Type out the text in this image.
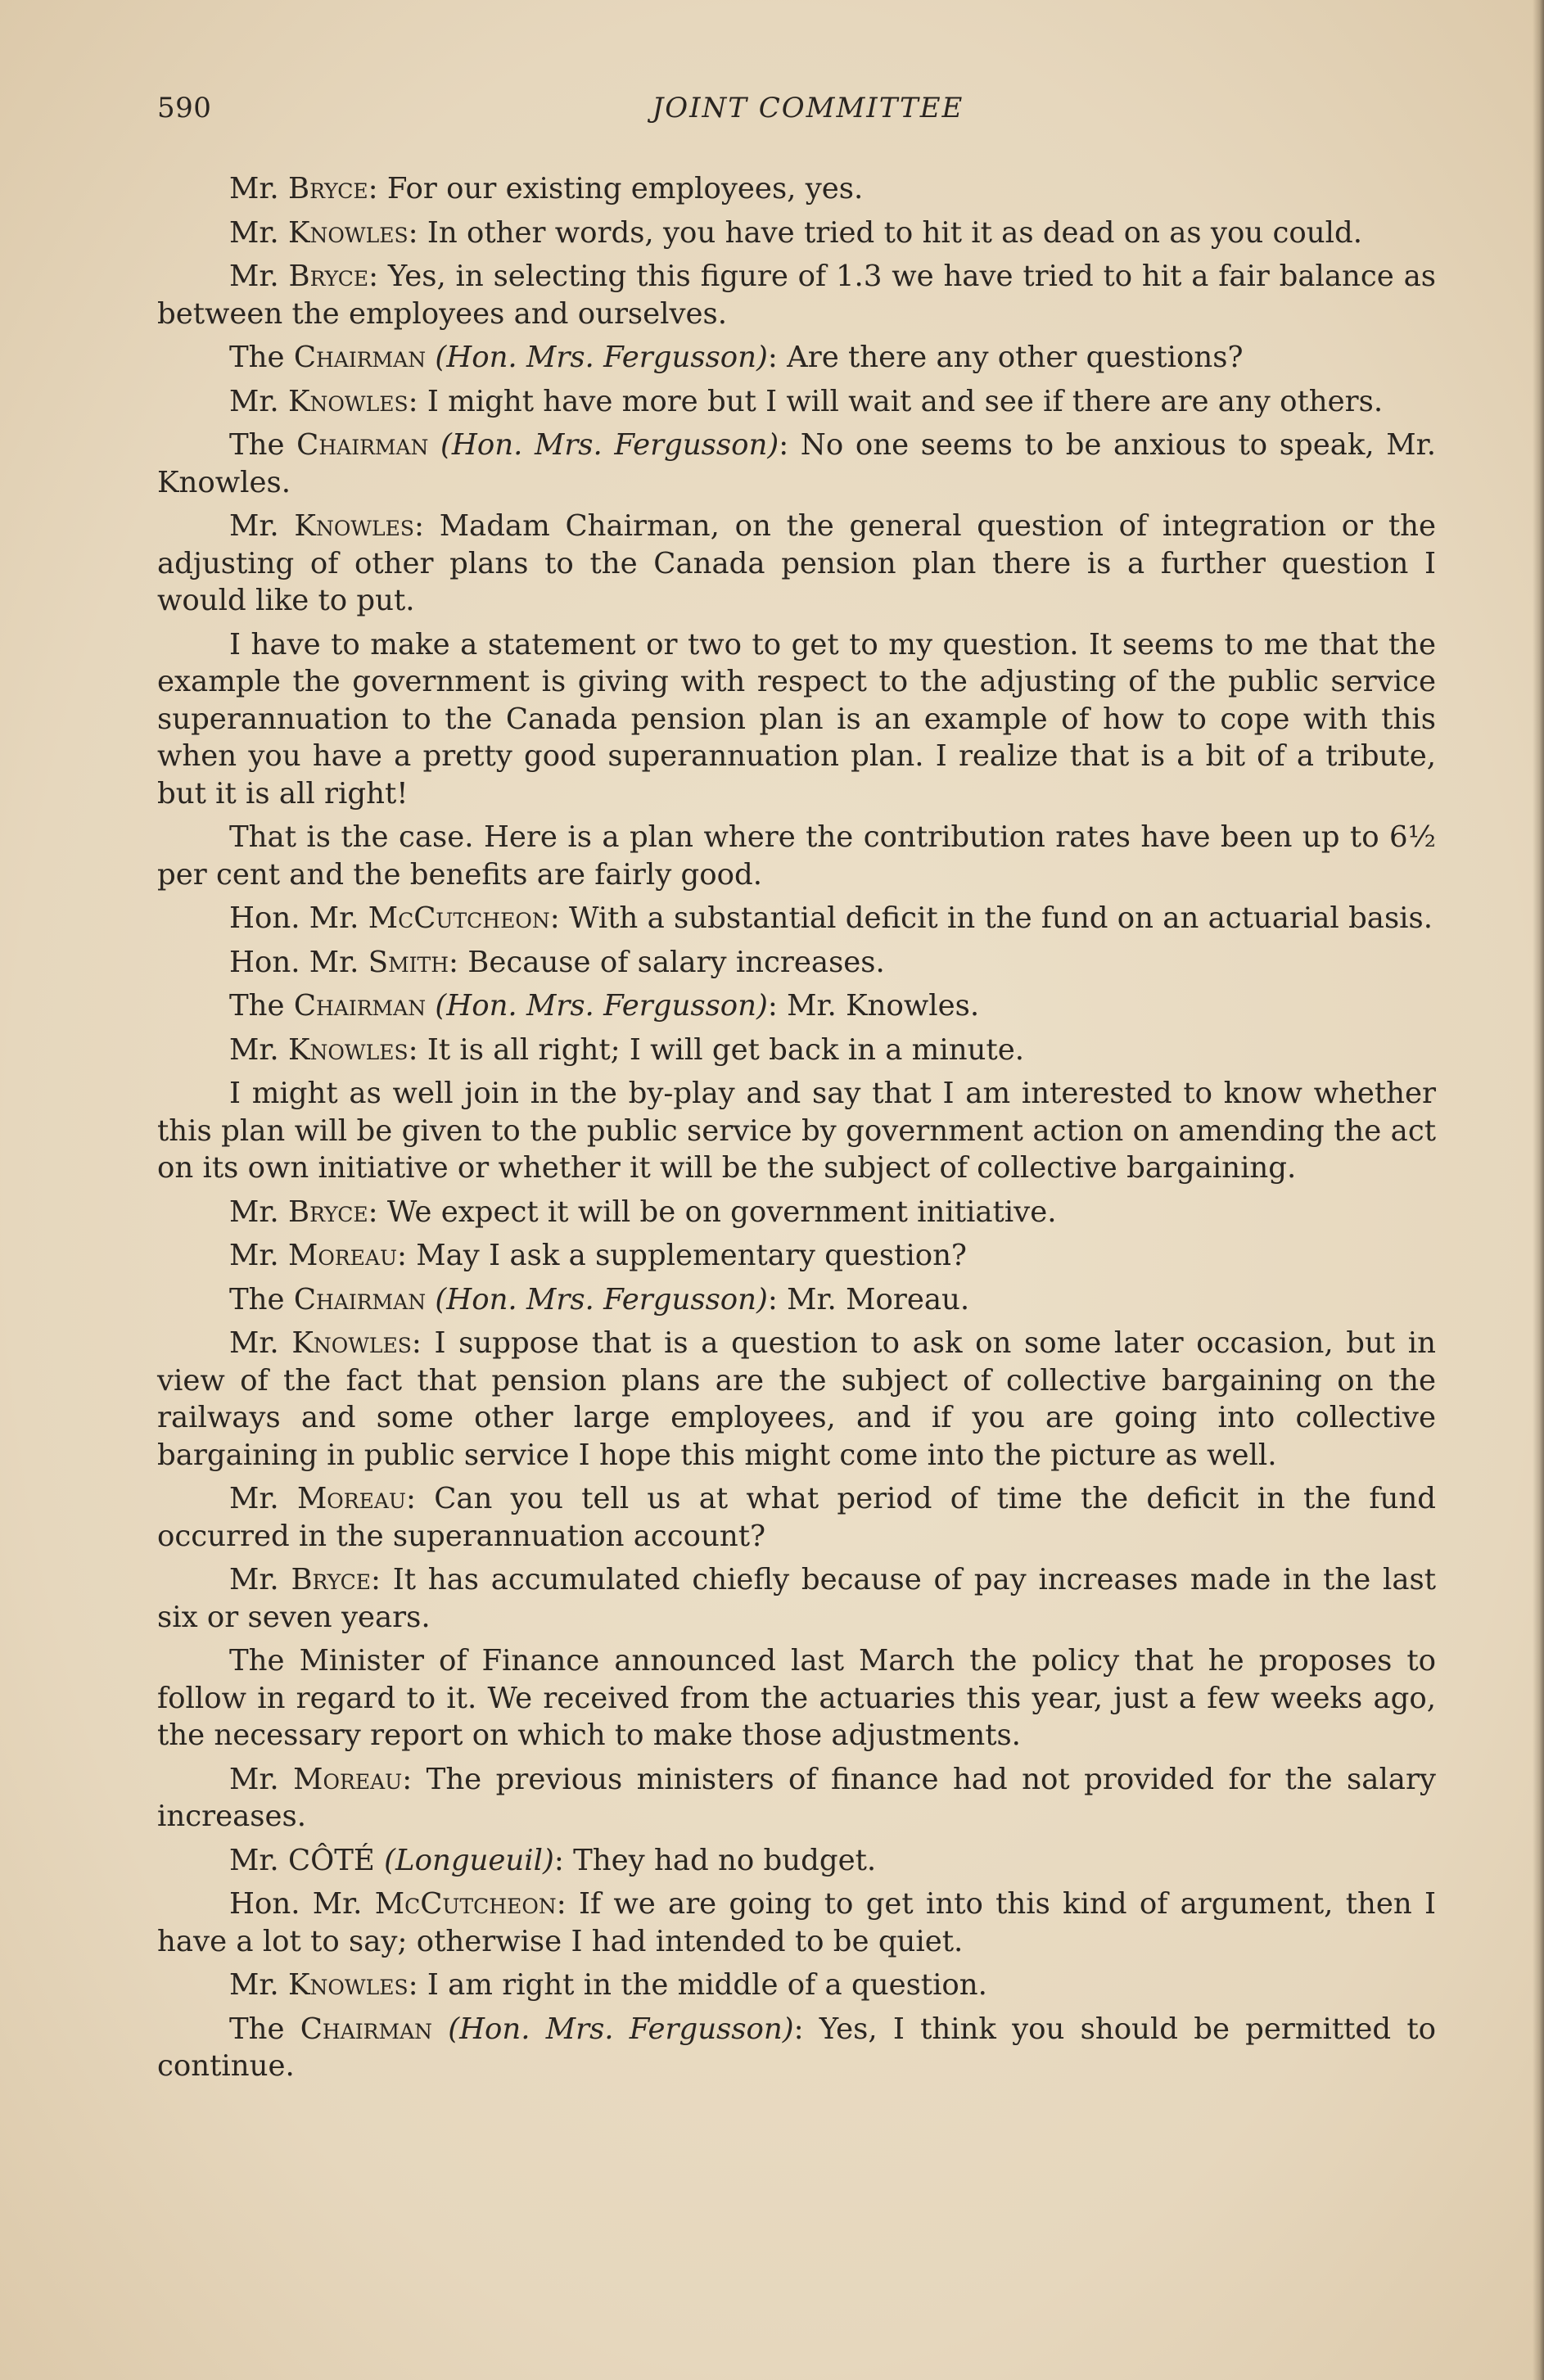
590	JOINT COMMITTEE

Mr. Bryce: For our existing employees, yes.

Mr. Knowles: In other words, you have tried to hit it as dead on as you could.

Mr. Bryce: Yes, in selecting this figure of 1.3 we have tried to hit a fair balance as between the employees and ourselves.

The Chairman (Hon. Mrs. Fergusson): Are there any other questions?

Mr. Knowles: I might have more but I will wait and see if there are any others.

The Chairman (Hon. Mrs. Fergusson): No one seems to be anxious to speak, Mr. Knowles.

Mr. Knowles: Madam Chairman, on the general question of integration or the adjusting of other plans to the Canada pension plan there is a further question I would like to put.

I have to make a statement or two to get to my question. It seems to me that the example the government is giving with respect to the adjusting of the public service superannuation to the Canada pension plan is an example of how to cope with this when you have a pretty good superannuation plan. I realize that is a bit of a tribute, but it is all right!

That is the case. Here is a plan where the contribution rates have been up to 6½ per cent and the benefits are fairly good.

Hon. Mr. McCutcheon: With a substantial deficit in the fund on an actuarial basis.

Hon. Mr. Smith: Because of salary increases.

The Chairman (Hon. Mrs. Fergusson): Mr. Knowles.

Mr. Knowles: It is all right; I will get back in a minute.

I might as well join in the by-play and say that I am interested to know whether this plan will be given to the public service by government action on amending the act on its own initiative or whether it will be the subject of collective bargaining.

Mr. Bryce: We expect it will be on government initiative.

Mr. Moreau: May I ask a supplementary question?

The Chairman (Hon. Mrs. Fergusson): Mr. Moreau.

Mr. Knowles: I suppose that is a question to ask on some later occasion, but in view of the fact that pension plans are the subject of collective bargaining on the railways and some other large employees, and if you are going into collective bargaining in public service I hope this might come into the picture as well.

Mr. Moreau: Can you tell us at what period of time the deficit in the fund occurred in the superannuation account?

Mr. Bryce: It has accumulated chiefly because of pay increases made in the last six or seven years.

The Minister of Finance announced last March the policy that he proposes to follow in regard to it. We received from the actuaries this year, just a few weeks ago, the necessary report on which to make those adjustments.

Mr. Moreau: The previous ministers of finance had not provided for the salary increases.

Mr. CÔTÉ (Longueuil): They had no budget.

Hon. Mr. McCutcheon: If we are going to get into this kind of argument, then I have a lot to say; otherwise I had intended to be quiet.

Mr. Knowles: I am right in the middle of a question.

The Chairman (Hon. Mrs. Fergusson): Yes, I think you should be permitted to continue.
